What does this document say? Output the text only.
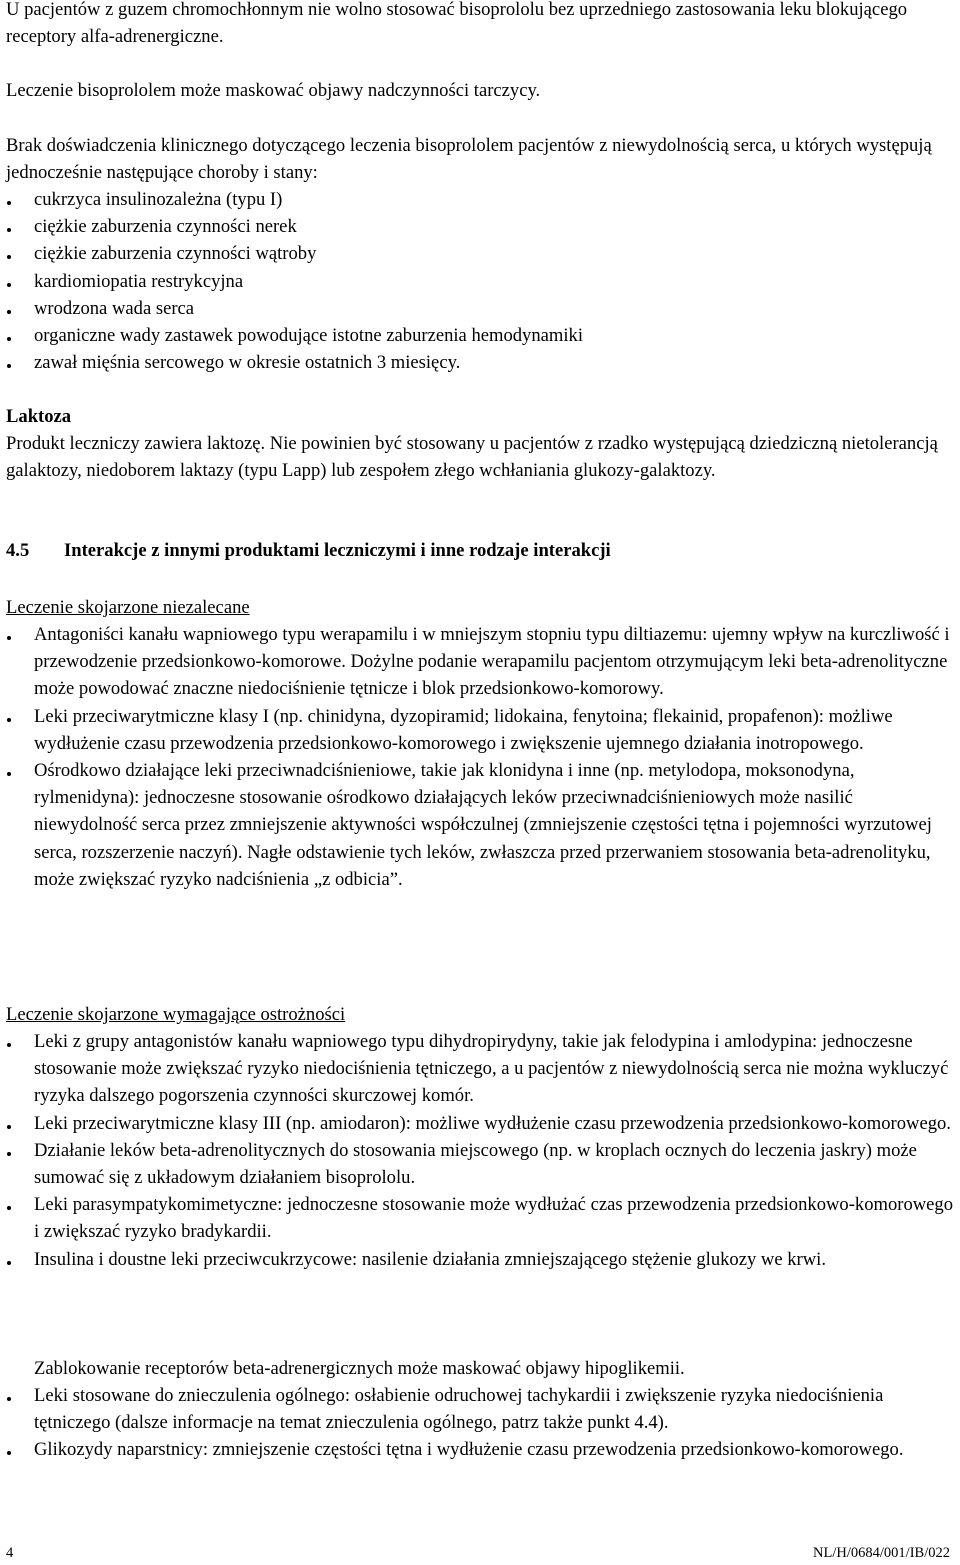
U pacjentów z guzem chromochłonnym nie wolno stosować bisoprololu bez uprzedniego zastosowania leku blokującego receptory alfa-adrenergiczne.

Leczenie bisoprololem może maskować objawy nadczynności tarczycy.

Brak doświadczenia klinicznego dotyczącego leczenia bisoprololem pacjentów z niewydolnością serca, u których występują jednocześnie następujące choroby i stany:

cukrzyca insulinozależna (typu I)
ciężkie zaburzenia czynności nerek
ciężkie zaburzenia czynności wątroby
kardiomiopatia restrykcyjna
wrodzona wada serca
organiczne wady zastawek powodujące istotne zaburzenia hemodynamiki
zawał mięśnia sercowego w okresie ostatnich 3 miesięcy.

Laktoza

Produkt leczniczy zawiera laktozę. Nie powinien być stosowany u pacjentów z rzadko występującą dziedziczną nietolerancją galaktozy, niedoborem laktazy (typu Lapp) lub zespołem złego wchłaniania glukozy-galaktozy.

4.5	Interakcje z innymi produktami leczniczymi i inne rodzaje interakcji

Leczenie skojarzone niezalecane

Antagoniści kanału wapniowego typu werapamilu i w mniejszym stopniu typu diltiazemu: ujemny wpływ na kurczliwość i przewodzenie przedsionkowo-komorowe. Dożylne podanie werapamilu pacjentom otrzymującym leki beta-adrenolityczne może powodować znaczne niedociśnienie tętnicze i blok przedsionkowo-komorowy.
Leki przeciwarytmiczne klasy I (np. chinidyna, dyzopiramid; lidokaina, fenytoina; flekainid, propafenon): możliwe wydłużenie czasu przewodzenia przedsionkowo-komorowego i zwiększenie ujemnego działania inotropowego.
Ośrodkowo działające leki przeciwnadciśnieniowe, takie jak klonidyna i inne (np. metylodopa, moksonodyna, rylmenidyna): jednoczesne stosowanie ośrodkowo działających leków przeciwnadciśnieniowych może nasilić niewydolność serca przez zmniejszenie aktywności współczulnej (zmniejszenie częstości tętna i pojemności wyrzutowej serca, rozszerzenie naczyń). Nagłe odstawienie tych leków, zwłaszcza przed przerwaniem stosowania beta-adrenolityku, może zwiększać ryzyko nadciśnienia „z odbicia”.

Leczenie skojarzone wymagające ostrożności

Leki z grupy antagonistów kanału wapniowego typu dihydropirydyny, takie jak felodypina i amlodypina: jednoczesne stosowanie może zwiększać ryzyko niedociśnienia tętniczego, a u pacjentów z niewydolnością serca nie można wykluczyć ryzyka dalszego pogorszenia czynności skurczowej komór.
Leki przeciwarytmiczne klasy III (np. amiodaron): możliwe wydłużenie czasu przewodzenia przedsionkowo-komorowego.
Działanie leków beta-adrenolitycznych do stosowania miejscowego (np. w kroplach ocznych do leczenia jaskry) może sumować się z układowym działaniem bisoprololu.
Leki parasympatykomimetyczne: jednoczesne stosowanie może wydłużać czas przewodzenia przedsionkowo-komorowego i zwiększać ryzyko bradykardii.
Insulina i doustne leki przeciwcukrzycowe: nasilenie działania zmniejszającego stężenie glukozy we krwi.

Zablokowanie receptorów beta-adrenergicznych może maskować objawy hipoglikemii.

Leki stosowane do znieczulenia ogólnego: osłabienie odruchowej tachykardii i zwiększenie ryzyka niedociśnienia tętniczego (dalsze informacje na temat znieczulenia ogólnego, patrz także punkt 4.4).
Glikozydy naparstnicy: zmniejszenie częstości tętna i wydłużenie czasu przewodzenia przedsionkowo-komorowego.
4	NL/H/0684/001/IB/022
